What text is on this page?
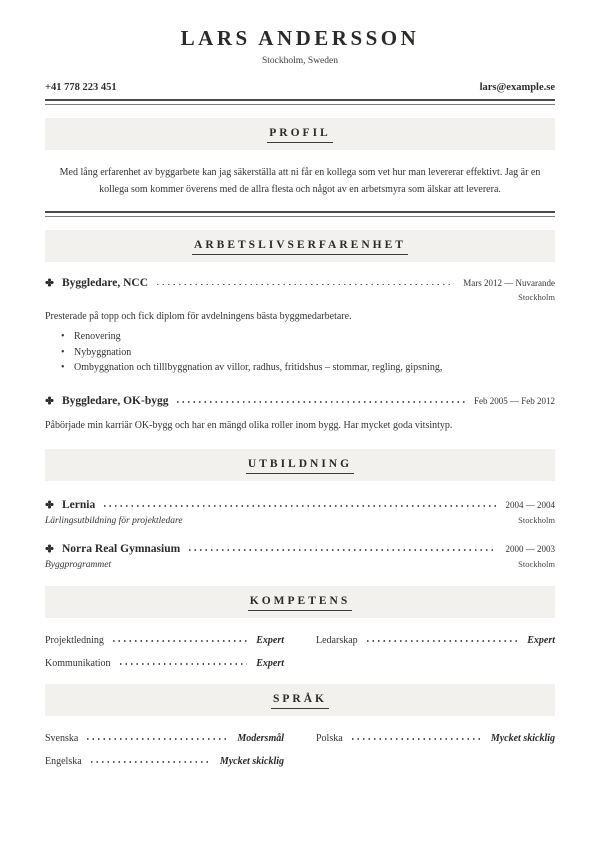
LARS ANDERSSON
Stockholm, Sweden
+41 778 223 451	lars@example.se
PROFIL

Med lång erfarenhet av byggarbete kan jag säkerställa att ni får en kollega som vet hur man levererar effektivt. Jag är en kollega som kommer överens med de allra flesta och något av en arbetsmyra som älskar att leverera.

ARBETSLIVSERFARENHET
Byggledare, NCC	Mars 2012 — Nuvarande
Stockholm

Presterade på topp och fick diplom för avdelningens bästa byggmedarbetare.

• Renovering
• Nybyggnation
• Ombyggnation och tilllbyggnation av villor, radhus, fritidshus – stommar, regling, gipsning,
Byggledare, OK-bygg	Feb 2005 — Feb 2012

Påbörjade min karriär OK-bygg och har en mängd olika roller inom bygg. Har mycket goda vitsintyp.

UTBILDNING
Lernia	2004 — 2004
Lärlingsutbildning för projektledare	Stockholm
Norra Real Gymnasium	2000 — 2003
Byggprogrammet	Stockholm
KOMPETENS
Projektledning	Expert	Ledarskap	Expert
Kommunikation	Expert
SPRÅK
Svenska	Modersmål	Polska	Mycket skicklig
Engelska	Mycket skicklig
